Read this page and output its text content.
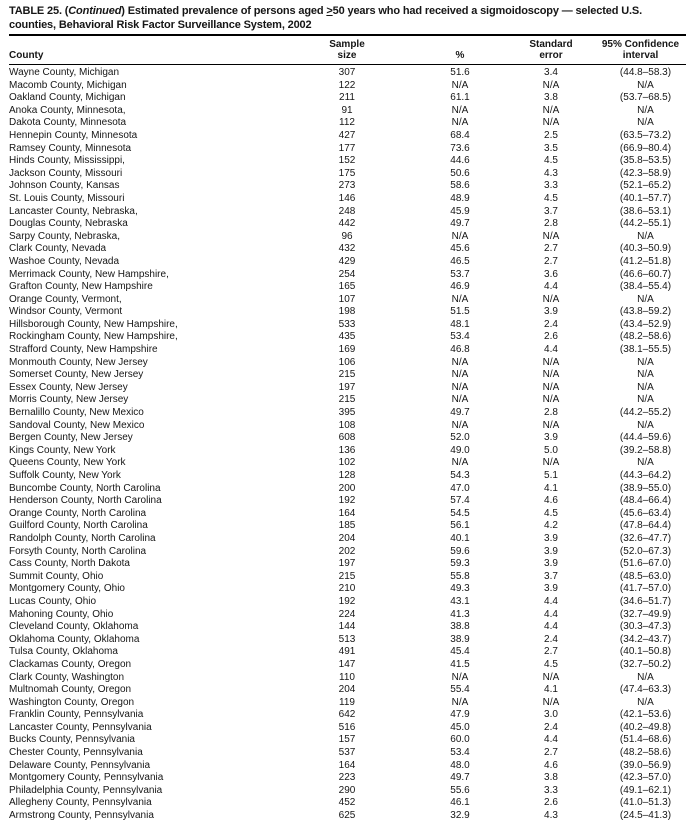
TABLE 25. (Continued) Estimated prevalence of persons aged ≥50 years who had received a sigmoidoscopy — selected U.S.
counties, Behavioral Risk Factor Surveillance System, 2002
	Sample		Standard	95% Confidence
County	size	%	error	interval
Wayne County, Michigan	307	51.6	3.4	(44.8–58.3)
Macomb County, Michigan	122	N/A	N/A	N/A
Oakland County, Michigan	211	61.1	3.8	(53.7–68.5)
Anoka County, Minnesota,	91	N/A	N/A	N/A
Dakota County, Minnesota	112	N/A	N/A	N/A
Hennepin County, Minnesota	427	68.4	2.5	(63.5–73.2)
Ramsey County, Minnesota	177	73.6	3.5	(66.9–80.4)
Hinds County, Mississippi,	152	44.6	4.5	(35.8–53.5)
Jackson County, Missouri	175	50.6	4.3	(42.3–58.9)
Johnson County, Kansas	273	58.6	3.3	(52.1–65.2)
St. Louis County, Missouri	146	48.9	4.5	(40.1–57.7)
Lancaster County, Nebraska,	248	45.9	3.7	(38.6–53.1)
Douglas County, Nebraska	442	49.7	2.8	(44.2–55.1)
Sarpy County, Nebraska,	96	N/A	N/A	N/A
Clark County, Nevada	432	45.6	2.7	(40.3–50.9)
Washoe County, Nevada	429	46.5	2.7	(41.2–51.8)
Merrimack County, New Hampshire,	254	53.7	3.6	(46.6–60.7)
Grafton County, New Hampshire	165	46.9	4.4	(38.4–55.4)
Orange County, Vermont,	107	N/A	N/A	N/A
Windsor County, Vermont	198	51.5	3.9	(43.8–59.2)
Hillsborough County, New Hampshire,	533	48.1	2.4	(43.4–52.9)
Rockingham County, New Hampshire,	435	53.4	2.6	(48.2–58.6)
Strafford County, New Hampshire	169	46.8	4.4	(38.1–55.5)
Monmouth County, New Jersey	106	N/A	N/A	N/A
Somerset County, New Jersey	215	N/A	N/A	N/A
Essex County, New Jersey	197	N/A	N/A	N/A
Morris County, New Jersey	215	N/A	N/A	N/A
Bernalillo County, New Mexico	395	49.7	2.8	(44.2–55.2)
Sandoval County, New Mexico	108	N/A	N/A	N/A
Bergen County, New Jersey	608	52.0	3.9	(44.4–59.6)
Kings County, New York	136	49.0	5.0	(39.2–58.8)
Queens County, New York	102	N/A	N/A	N/A
Suffolk County, New York	128	54.3	5.1	(44.3–64.2)
Buncombe County, North Carolina	200	47.0	4.1	(38.9–55.0)
Henderson County, North Carolina	192	57.4	4.6	(48.4–66.4)
Orange County, North Carolina	164	54.5	4.5	(45.6–63.4)
Guilford County, North Carolina	185	56.1	4.2	(47.8–64.4)
Randolph County, North Carolina	204	40.1	3.9	(32.6–47.7)
Forsyth County, North Carolina	202	59.6	3.9	(52.0–67.3)
Cass County, North Dakota	197	59.3	3.9	(51.6–67.0)
Summit County, Ohio	215	55.8	3.7	(48.5–63.0)
Montgomery County, Ohio	210	49.3	3.9	(41.7–57.0)
Lucas County, Ohio	192	43.1	4.4	(34.6–51.7)
Mahoning County, Ohio	224	41.3	4.4	(32.7–49.9)
Cleveland County, Oklahoma	144	38.8	4.4	(30.3–47.3)
Oklahoma County, Oklahoma	513	38.9	2.4	(34.2–43.7)
Tulsa County, Oklahoma	491	45.4	2.7	(40.1–50.8)
Clackamas County, Oregon	147	41.5	4.5	(32.7–50.2)
Clark County, Washington	110	N/A	N/A	N/A
Multnomah County, Oregon	204	55.4	4.1	(47.4–63.3)
Washington County, Oregon	119	N/A	N/A	N/A
Franklin County, Pennsylvania	642	47.9	3.0	(42.1–53.6)
Lancaster County, Pennsylvania	516	45.0	2.4	(40.2–49.8)
Bucks County, Pennsylvania	157	60.0	4.4	(51.4–68.6)
Chester County, Pennsylvania	537	53.4	2.7	(48.2–58.6)
Delaware County, Pennsylvania	164	48.0	4.6	(39.0–56.9)
Montgomery County, Pennsylvania	223	49.7	3.8	(42.3–57.0)
Philadelphia County, Pennsylvania	290	55.6	3.3	(49.1–62.1)
Allegheny County, Pennsylvania	452	46.1	2.6	(41.0–51.3)
Armstrong County, Pennsylvania	625	32.9	4.3	(24.5–41.3)
